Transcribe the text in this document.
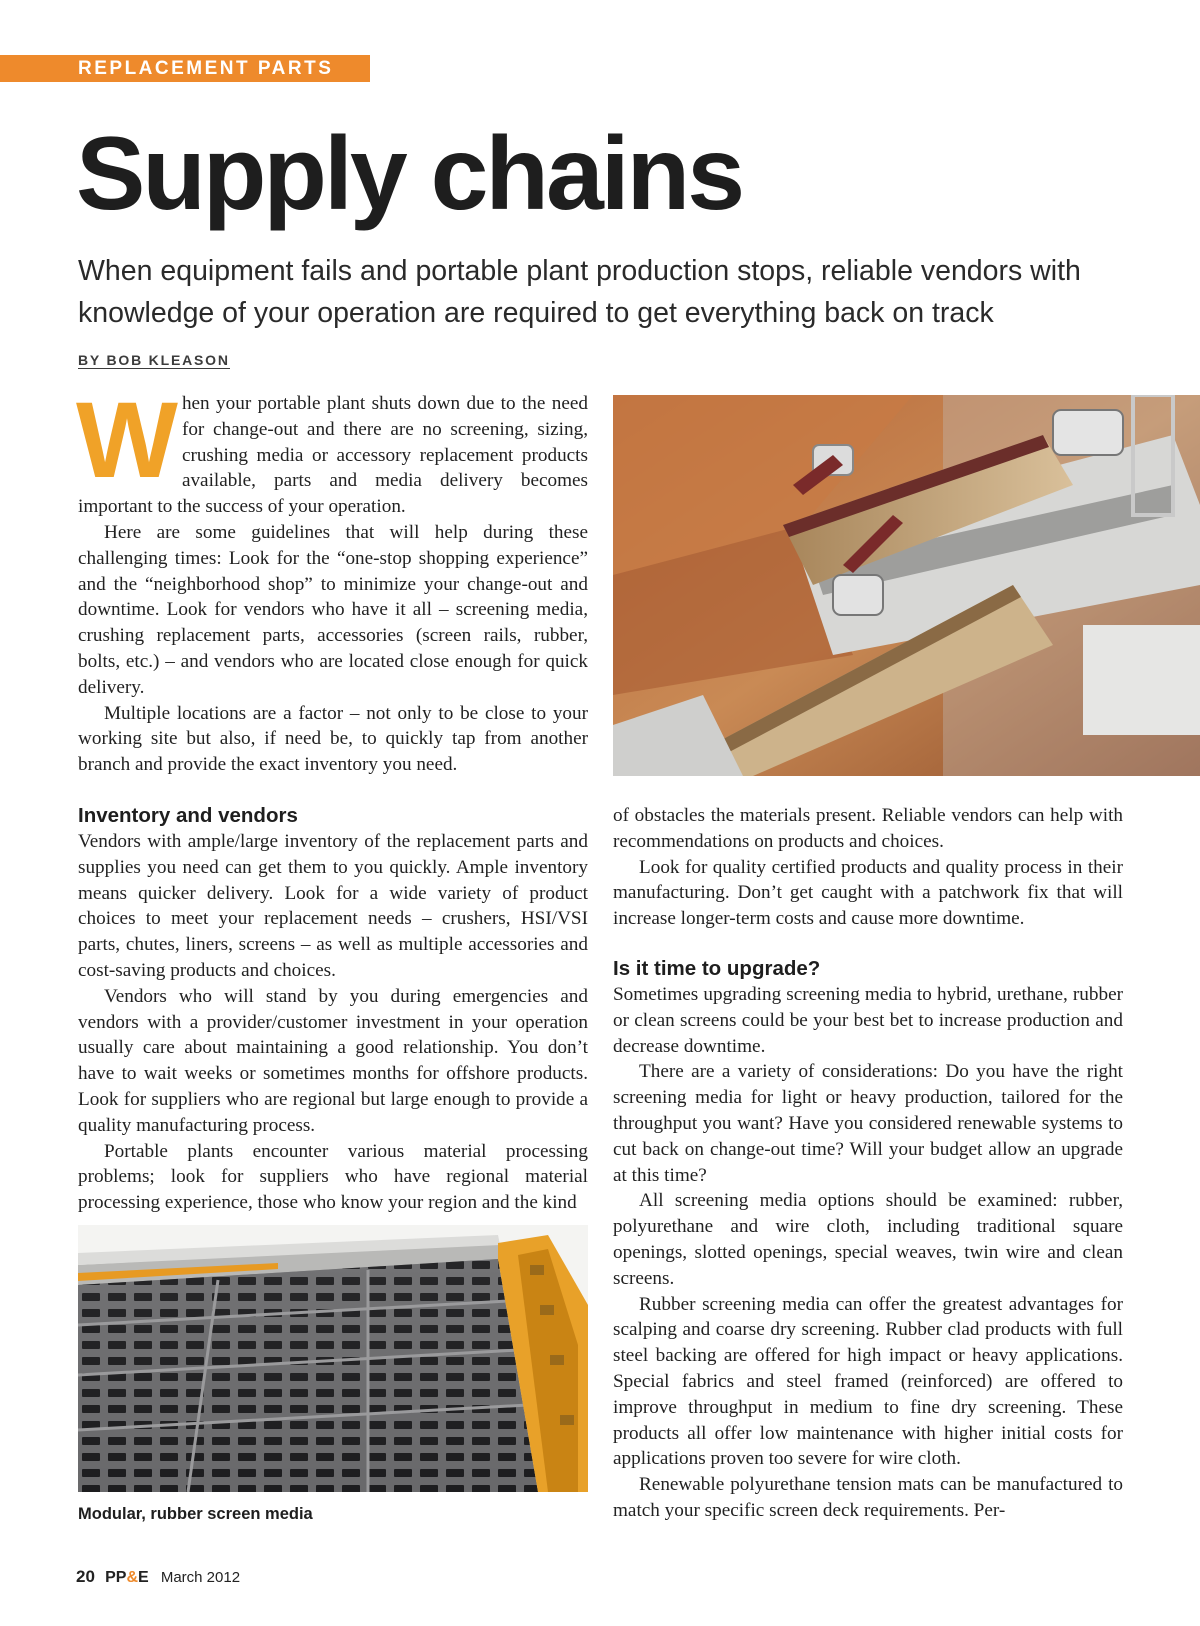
REPLACEMENT PARTS
Supply chains

When equipment fails and portable plant production stops, reliable vendors with knowledge of your operation are required to get everything back on track

BY BOB KLEASON

When your portable plant shuts down due to the need for change-out and there are no screening, sizing, crushing media or accessory replacement products available, parts and media delivery becomes important to the success of your operation.

Here are some guidelines that will help during these challenging times: Look for the “one-stop shopping experience” and the “neighborhood shop” to minimize your change-out and downtime. Look for vendors who have it all – screening media, crushing replacement parts, accessories (screen rails, rubber, bolts, etc.) – and vendors who are located close enough for quick delivery.

Multiple locations are a factor – not only to be close to your working site but also, if need be, to quickly tap from another branch and provide the exact inventory you need.

Inventory and vendors

Vendors with ample/large inventory of the replacement parts and supplies you need can get them to you quickly. Ample inventory means quicker delivery. Look for a wide variety of product choices to meet your replacement needs – crushers, HSI/VSI parts, chutes, liners, screens – as well as multiple accessories and cost-saving products and choices.

Vendors who will stand by you during emergencies and vendors with a provider/customer investment in your operation usually care about maintaining a good relationship. You don’t have to wait weeks or sometimes months for offshore products. Look for suppliers who are regional but large enough to provide a quality manufacturing process.

Portable plants encounter various material processing problems; look for suppliers who have regional material processing experience, those who know your region and the kind

of obstacles the materials present. Reliable vendors can help with recommendations on products and choices.

Look for quality certified products and quality process in their manufacturing. Don’t get caught with a patchwork fix that will increase longer-term costs and cause more downtime.

Is it time to upgrade?

Sometimes upgrading screening media to hybrid, urethane, rubber or clean screens could be your best bet to increase production and decrease downtime.

There are a variety of considerations: Do you have the right screening media for light or heavy production, tailored for the throughput you want? Have you considered renewable systems to cut back on change-out time? Will your budget allow an upgrade at this time?

All screening media options should be examined: rubber, polyurethane and wire cloth, including traditional square openings, slotted openings, special weaves, twin wire and clean screens.

Rubber screening media can offer the greatest advantages for scalping and coarse dry screening. Rubber clad products with full steel backing are offered for high impact or heavy applications. Special fabrics and steel framed (reinforced) are offered to improve throughput in medium to fine dry screening. These products all offer low maintenance with higher initial costs for applications proven too severe for wire cloth.

Renewable polyurethane tension mats can be manufactured to match your specific screen deck requirements. Per-

Modular, rubber screen media
20 PP&E March 2012
